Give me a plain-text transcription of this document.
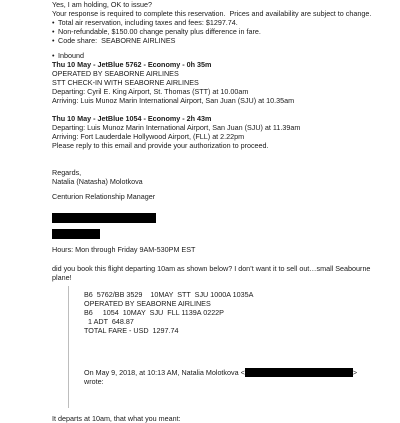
Yes, I am holding, OK to issue?
Your response is required to complete this reservation.  Prices and availability are subject to change.
• Total air reservation, including taxes and fees: $1297.74.
• Non-refundable, $150.00 change penalty plus difference in fare.
• Code share:  SEABORNE AIRLINES
• Inbound
Thu 10 May - JetBlue 5762 - Economy - 0h 35m
OPERATED BY SEABORNE AIRLINES
STT CHECK-IN WITH SEABORNE AIRLINES
Departing: Cyril E. King Airport, St. Thomas (STT) at 10.00am
Arriving: Luis Munoz Marin International Airport, San Juan (SJU) at 10.35am
Thu 10 May - JetBlue 1054 - Economy - 2h 43m
Departing: Luis Munoz Marin International Airport, San Juan (SJU) at 11.39am
Arriving: Fort Lauderdale Hollywood Airport, (FLL) at 2.22pm
Please reply to this email and provide your authorization to proceed.
Regards,
Natalia (Natasha) Molotkova
Centurion Relationship Manager
Hours: Mon through Friday 9AM-530PM EST
did you book this flight departing 10am as shown below? I don’t want it to sell out…small Seabourne
plane!
B6  5762/BB 3529    10MAY  STT  SJU 1000A 1035A
OPERATED BY SEABORNE AIRLINES
B6     1054  10MAY  SJU  FLL 1139A 0222P
1 ADT  648.87
TOTAL FARE - USD  1297.74
On May 9, 2018, at 10:13 AM, Natalia Molotkova <	>
wrote:
It departs at 10am, that what you meant:
